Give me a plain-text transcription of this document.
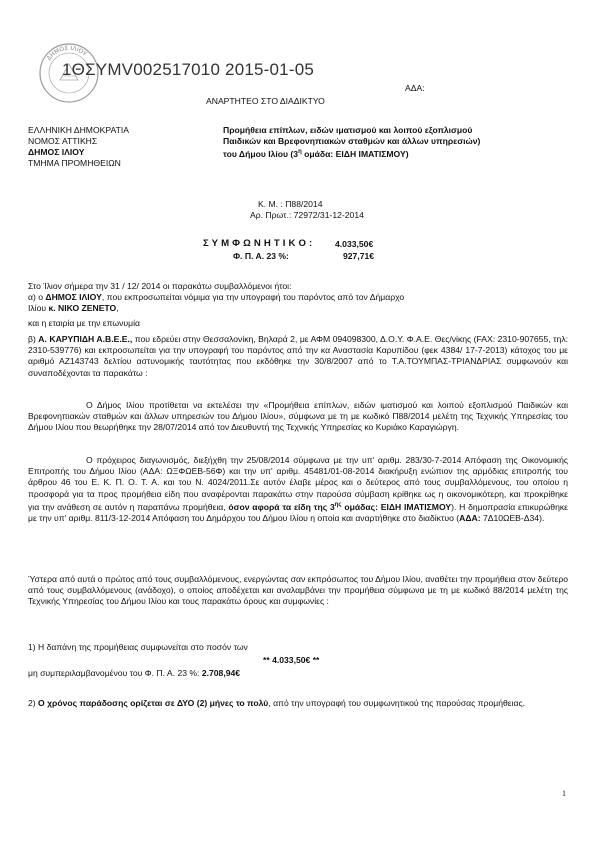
ΔΗΜΟΣ ΙΛΙΟΥ
1ΘΣΥΜV002517010 2015-01-05
ΑΔΑ:
ΑΝΑΡΤΗΤΕΟ ΣΤΟ ΔΙΑΔΙΚΤΥΟ
ΕΛΛΗΝΙΚΗ ΔΗΜΟΚΡΑΤΙΑ
ΝΟΜΟΣ ΑΤΤΙΚΗΣ
ΔΗΜΟΣ ΙΛΙΟΥ
ΤΜΗΜΑ ΠΡΟΜΗΘΕΙΩΝ
Προμήθεια επίπλων, ειδών ιματισμού και λοιπού εξοπλισμού
Παιδικών και Βρεφονηπιακών σταθμών και άλλων υπηρεσιών)
του Δήμου Ιλίου ($3^\eta$ ομάδα: ΕΙΔΗ ΙΜΑΤΙΣΜΟΥ)
Κ. Μ. : Π88/2014
Αρ. Πρωτ.: 72972/31-12-2014
Σ Υ Μ Φ Ω Ν Η Τ Ι Κ Ο :	4.033,50€
Φ. Π. Α. 23 %:	927,71€
Στο Ίλιον σήμερα την 31 / 12/ 2014 οι παρακάτω συμβαλλόμενοι ήτοι:
α) ο ΔΗΜΟΣ ΙΛΙΟΥ, που εκπροσωπείται νόμιμα για την υπογραφή του παρόντος από τον Δήμαρχο
Ιλίου κ. ΝΙΚΟ ΖΕΝΕΤΟ,
και η εταιρία με την επωνυμία
β) Α. ΚΑΡΥΠΙΔΗ Α.Β.Ε.Ε., που εδρεύει στην Θεσσαλονίκη, Βηλαρά 2, με ΑΦΜ 094098300, Δ.Ο.Υ. Φ.Α.Ε. Θες/νίκης (FAX: 2310-907655, τηλ: 2310-539776) και εκπροσωπείται για την υπογραφή του παρόντος από την κα Αναστασία Καρυπίδου (φεκ 4384/ 17-7-2013) κάτοχος του με αριθμό ΑΖ143743 δελτίου αστυνομικής ταυτότητας που εκδόθηκε την 30/8/2007 από το Τ.Α.ΤΟΥΜΠΑΣ-ΤΡΙΑΝΔΡΙΑΣ συμφωνούν και συναποδέχονται τα παρακάτω :
Ο Δήμος Ιλίου προτίθεται να εκτελέσει την «Προμήθεια επίπλων, ειδών ιματισμού και λοιπού εξοπλισμού Παιδικών και Βρεφονηπιακών σταθμών και άλλων υπηρεσιών του Δήμου Ιλίου», σύμφωνα με τη με κωδικό Π88/2014 μελέτη της Τεχνικής Υπηρεσίας του Δήμου Ιλίου που θεωρήθηκε την 28/07/2014 από τον Διευθυντή της Τεχνικής Υπηρεσίας κο Κυριάκο Καραγιώργη.
Ο πρόχειρος διαγωνισμός, διεξήχθη την 25/08/2014 σύμφωνα με την υπ' αριθμ. 283/30-7-2014 Απόφαση της Οικονομικής Επιτροπής του Δήμου Ιλίου (ΑΔΑ: ΩΞΦΩΕΒ-56Φ) και την υπ' αριθμ. 45481/01-08-2014 διακήρυξη ενώπιον της αρμόδιας επιτροπής του άρθρου 46 του Ε. Κ. Π. Ο. Τ. Α. και του Ν. 4024/2011.Σε αυτόν έλαβε μέρος και ο δεύτερος από τους συμβαλλόμενους, του οποίου η προσφορά για τα προς προμήθεια είδη που αναφέρονται παρακάτω στην παρούσα σύμβαση κρίθηκε ως η οικονομικότερη, και προκρίθηκε για την ανάθεση σε αυτόν η παραπάνω προμήθεια, όσον αφορά τα είδη της $3^{\eta\varsigma}$ ομάδας: ΕΙΔΗ ΙΜΑΤΙΣΜΟΥ). Η δημοπρασία επικυρώθηκε με την υπ' αριθμ. 811/3-12-2014 Απόφαση του Δημάρχου του Δήμου Ιλίου η οποία και αναρτήθηκε στο διαδίκτυο (ΑΔΑ: 7Δ10ΩΕΒ-Δ34).
Ύστερα από αυτά ο πρώτος από τους συμβαλλόμενους, ενεργώντας σαν εκπρόσωπος του Δήμου Ιλίου, αναθέτει την προμήθεια στον δεύτερο από τους συμβαλλόμενους (ανάδοχο), ο οποίος αποδέχεται και αναλαμβάνει την προμήθεια σύμφωνα με τη με κωδικό 88/2014 μελέτη της Τεχνικής Υπηρεσίας του Δήμου Ιλίου και τους παρακάτω όρους και συμφωνίες :
1) Η δαπάνη της προμήθειας συμφωνείται στο ποσόν των
** 4.033,50€ **
μη συμπεριλαμβανομένου του Φ. Π. Α. 23 %: 2.708,94€
2) Ο χρόνος παράδοσης ορίζεται σε ΔΥΟ (2) μήνες το πολύ, από την υπογραφή του συμφωνητικού της παρούσας προμήθειας.
1
